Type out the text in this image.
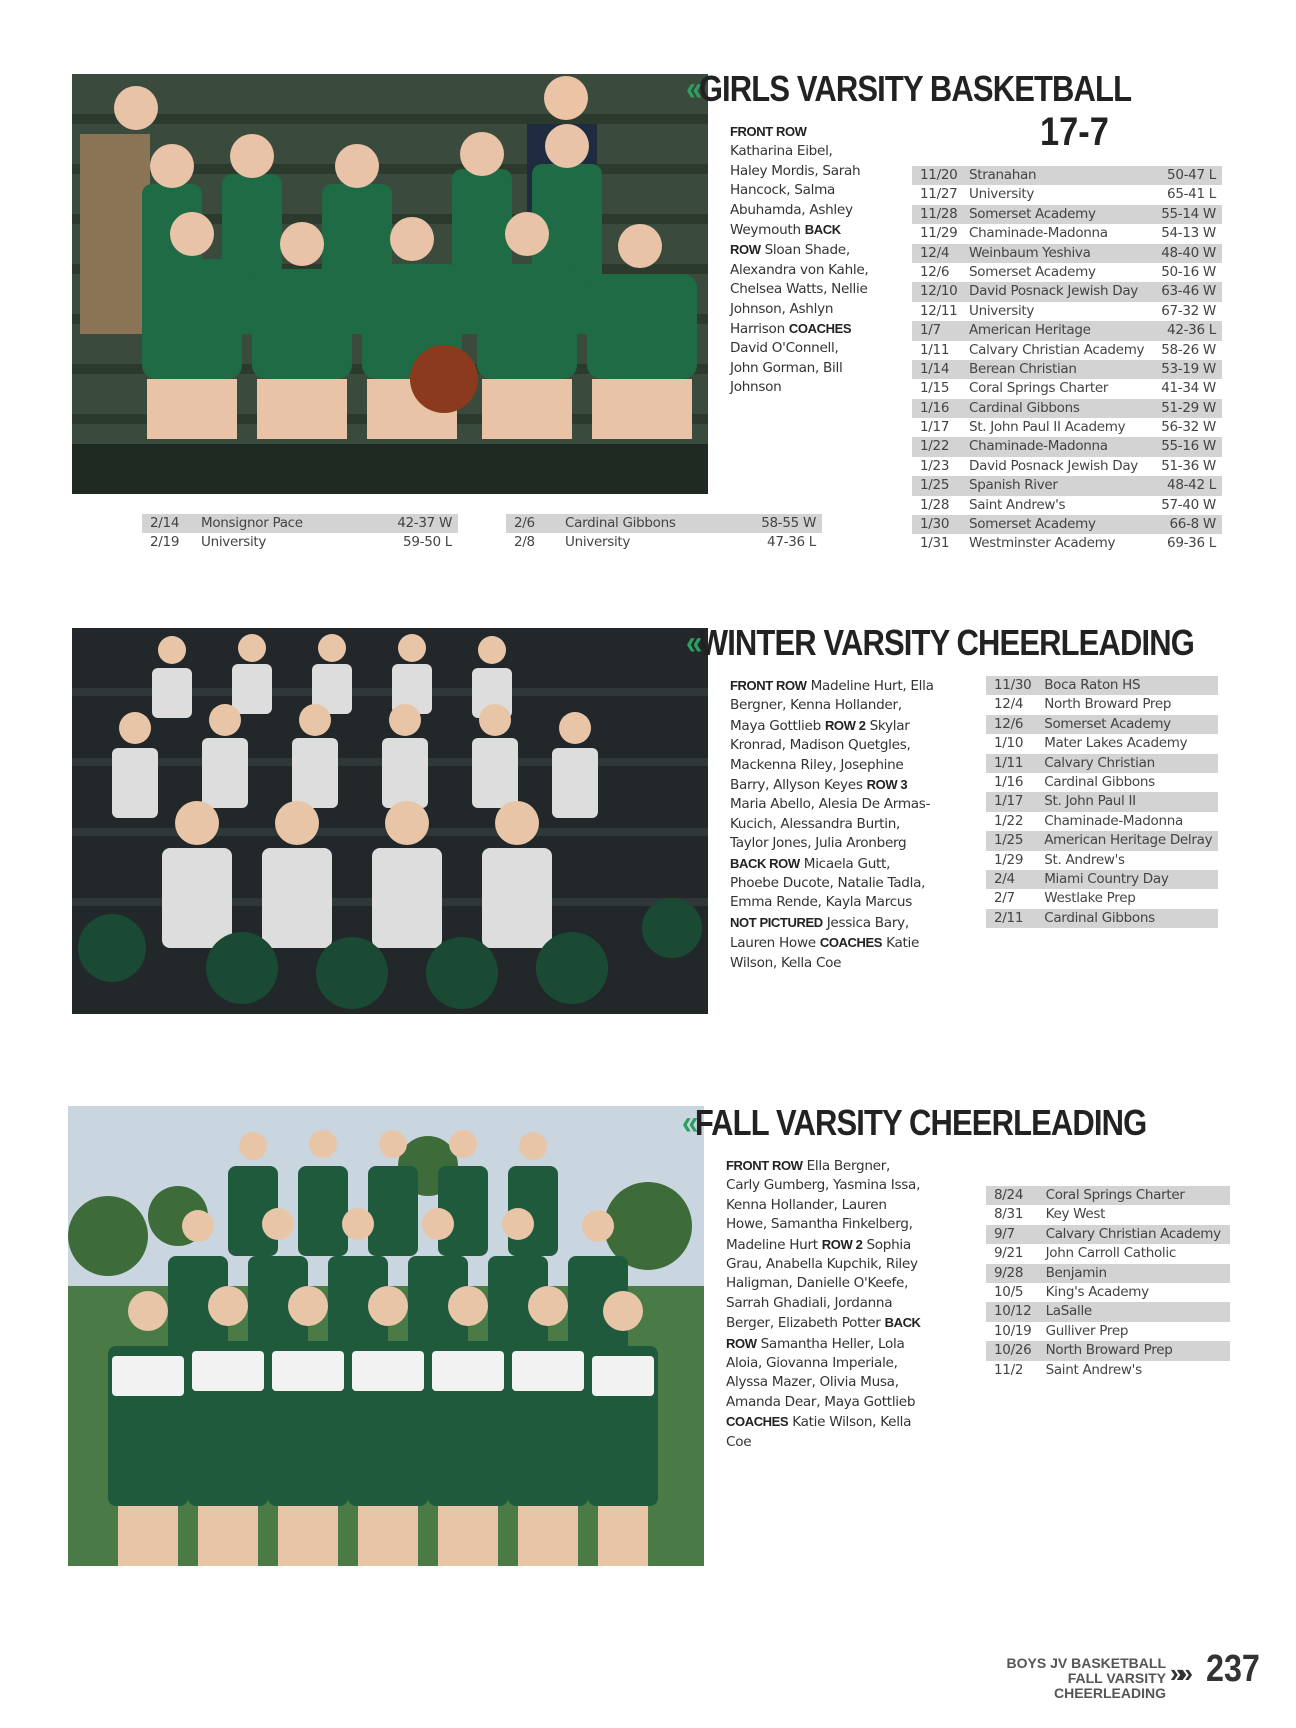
« GIRLS VARSITY BASKETBALL
17-7
FRONT ROW Katharina Eibel, Haley Mordis, Sarah Hancock, Salma Abuhamda, Ashley Weymouth BACK ROW Sloan Shade, Alexandra von Kahle, Chelsea Watts, Nellie Johnson, Ashlyn Harrison COACHES David O'Connell, John Gorman, Bill Johnson
11/20 Stranahan	50-47 L
11/27 University	65-41 L
11/28 Somerset Academy	55-14 W
11/29 Chaminade-Madonna	54-13 W
12/4	Weinbaum Yeshiva	48-40 W
12/6	Somerset Academy	50-16 W
12/10 David Posnack Jewish Day	63-46 W
12/11 University	67-32 W
1/7	American Heritage	42-36 L
1/11	Calvary Christian Academy	58-26 W
1/14	Berean Christian	53-19 W
1/15	Coral Springs Charter	41-34 W
1/16	Cardinal Gibbons	51-29 W
1/17	St. John Paul II Academy	56-32 W
1/22	Chaminade-Madonna	55-16 W
1/23	David Posnack Jewish Day	51-36 W
1/25	Spanish River	48-42 L
1/28	Saint Andrew's	57-40 W
1/30	Somerset Academy	66-8 W
1/31	Westminster Academy	69-36 L
2/14	Monsignor Pace	42-37 W
2/19	University	59-50 L
2/6	Cardinal Gibbons	58-55 W
2/8	University	47-36 L
« WINTER VARSITY CHEERLEADING
FRONT ROW Madeline Hurt, Ella Bergner, Kenna Hollander, Maya Gottlieb ROW 2 Skylar Kronrad, Madison Quetgles, Mackenna Riley, Josephine Barry, Allyson Keyes ROW 3 Maria Abello, Alesia De Armas-Kucich, Alessandra Burtin, Taylor Jones, Julia Aronberg BACK ROW Micaela Gutt, Phoebe Ducote, Natalie Tadla, Emma Rende, Kayla Marcus NOT PICTURED Jessica Bary, Lauren Howe COACHES Katie Wilson, Kella Coe
11/30 Boca Raton HS
12/4	North Broward Prep
12/6	Somerset Academy
1/10	Mater Lakes Academy
1/11	Calvary Christian
1/16	Cardinal Gibbons
1/17	St. John Paul II
1/22	Chaminade-Madonna
1/25	American Heritage Delray
1/29	St. Andrew's
2/4	Miami Country Day
2/7	Westlake Prep
2/11	Cardinal Gibbons
« FALL VARSITY CHEERLEADING
FRONT ROW Ella Bergner, Carly Gumberg, Yasmina Issa, Kenna Hollander, Lauren Howe, Samantha Finkelberg, Madeline Hurt ROW 2 Sophia Grau, Anabella Kupchik, Riley Haligman, Danielle O'Keefe, Sarrah Ghadiali, Jordanna Berger, Elizabeth Potter BACK ROW Samantha Heller, Lola Aloia, Giovanna Imperiale, Alyssa Mazer, Olivia Musa, Amanda Dear, Maya Gottlieb COACHES Katie Wilson, Kella Coe
8/24	Coral Springs Charter
8/31	Key West
9/7	Calvary Christian Academy
9/21	John Carroll Catholic
9/28	Benjamin
10/5	King's Academy
10/12	LaSalle
10/19	Gulliver Prep
10/26	North Broward Prep
11/2	Saint Andrew's
BOYS JV BASKETBALL
FALL VARSITY CHEERLEADING
»» 237
